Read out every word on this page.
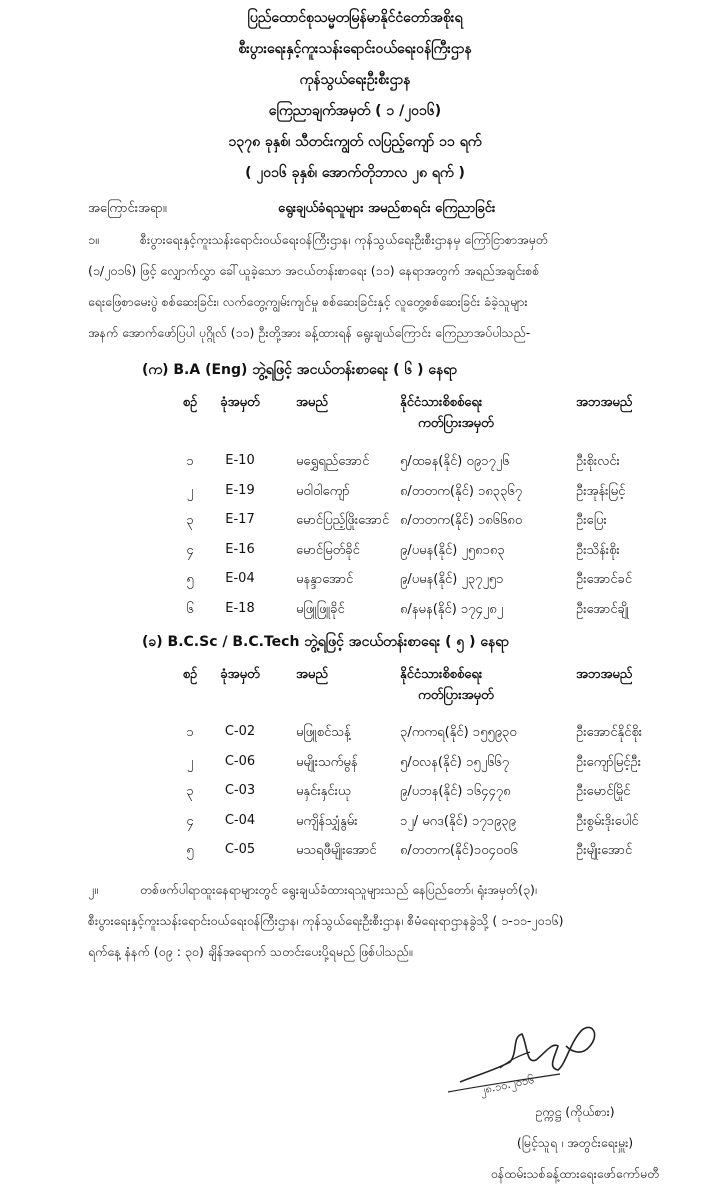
ပြည်ထောင်စုသမ္မတမြန်မာနိုင်ငံတော်အစိုးရ
စီးပွားရေးနှင့်ကူးသန်းရောင်းဝယ်ရေးဝန်ကြီးဌာန
ကုန်သွယ်ရေးဦးစီးဌာန
ကြေညာချက်အမှတ် ( ၁ /၂၀၁၆)
၁၃၇၈ ခုနှစ်၊ သီတင်းကျွတ် လပြည့်ကျော် ၁၁ ရက်
( ၂၀၁၆ ခုနှစ်၊ အောက်တိုဘာလ ၂၈ ရက် )
အကြောင်းအရာ။	ရွေးချယ်ခံရသူများ အမည်စာရင်း ကြေညာခြင်း
၁။	စီးပွားရေးနှင့်ကူးသန်းရောင်းဝယ်ရေးဝန်ကြီးဌာန၊ ကုန်သွယ်ရေးဦးစီးဌာနမှ ကြော်ငြာစာအမှတ်
(၁/၂၀၁၆) ဖြင့် လျှောက်လွှာ ခေါ်ယူခဲ့သော အငယ်တန်းစာရေး (၁၁) နေရာအတွက် အရည်အချင်းစစ်
ရေးဖြေစာမေးပွဲ စစ်ဆေးခြင်း၊ လက်တွေ့ကျွမ်းကျင်မှု စစ်ဆေးခြင်းနှင့် လူတွေ့စစ်ဆေးခြင်း ခံခဲ့သူများ
အနက် အောက်ဖော်ပြပါ ပုဂ္ဂိုလ် (၁၁) ဦးတို့အား ခန့်ထားရန် ရွေးချယ်ကြောင်း ကြေညာအပ်ပါသည်-
(က) B.A (Eng) ဘွဲ့ရဖြင့် အငယ်တန်းစာရေး ( ၆ ) နေရာ
စဉ်	ခုံအမှတ်	အမည်	နိုင်ငံသားစိစစ်ရေး
ကတ်ပြားအမှတ်
အဘအမည်
၁	E-10	မရွှေရည်အောင် ၅/ထခန(နိုင်) ၀၉၁၇၂၆	ဦးစိုးလင်း
၂	E-19	မဝါဝါကျော်	၈/တတက(နိုင်) ၁၈၃၃၆၇	ဦးအုန်းမြင့်
၃	E-17	မောင်ပြည့်ဖြိုးအောင် ၈/တတက(နိုင်) ၁၈၆၆၈၀	ဦးပြေး
၄	E-16	မောင်မြတ်ခိုင်	၉/ပမန(နိုင်) ၂၅၈၁၈၃	ဦးသိန်းစိုး
၅	E-04	မနန္ဒာအောင်	၉/ပမန(နိုင်) ၂၃၇၂၅၁	ဦးအောင်ခင်
၆	E-18	မဖြူဖြူခိုင်	၈/နမန(နိုင်) ၁၇၄၂၈၂	ဦးအောင်ချို
(ခ) B.C.Sc / B.C.Tech ဘွဲ့ရဖြင့် အငယ်တန်းစာရေး ( ၅ ) နေရာ
စဉ်	ခုံအမှတ်	အမည်	နိုင်ငံသားစိစစ်ရေး
ကတ်ပြားအမှတ်
အဘအမည်
၁	C-02	မဖြူစင်သန့်	၃/ကကရ(နိုင်) ၁၅၅၉၃၀	ဦးအောင်နိုင်စိုး
၂	C-06	မမျိုးသက်မွန်	၅/ဝလန(နိုင်) ၁၅၂၆၆၇	ဦးကျော်မြင့်ဦး
၃	C-03	မနှင်းနှင်းယု	၉/ပဘန(နိုင်) ၁၆၄၄၇၈	ဦးမောင်မြိုင်
၄	C-04	မကျိန်သျှံနွမ်း	၁၂/ မဂဒ(နိုင်) ၁၇၁၉၃၉	ဦးစွမ်းဒိုးပေါင်
၅	C-05	မသရဖီမျိုးအောင် ၈/တတက(နိုင်)၁၀၄၀၀၆	ဦးမျိုးအောင်
၂။	တစ်ဖက်ပါရာထူးနေရာများတွင် ရွေးချယ်ခံထားရသူများသည် နေပြည်တော်၊ ရုံးအမှတ်(၃)၊
စီးပွားရေးနှင့်ကူးသန်းရောင်းဝယ်ရေးဝန်ကြီးဌာန၊ ကုန်သွယ်ရေးဦးစီးဌာန၊ စီမံရေးရာဌာနခွဲသို့ ( ၁-၁၁-၂၀၁၆)
ရက်နေ့ နံနက် (၀၉ : ၃၀) ချိန်အရောက် သတင်းပေးပို့ရမည် ဖြစ်ပါသည်။
၂၈.၁၀.၂၀၁၆
ဥက္ကဋ္ဌ (ကိုယ်စား)
(မြင့်သူရ ၊ အတွင်းရေးမှူး)
ဝန်ထမ်းသစ်ခန့်ထားရေးဖော်ကော်မတီ
